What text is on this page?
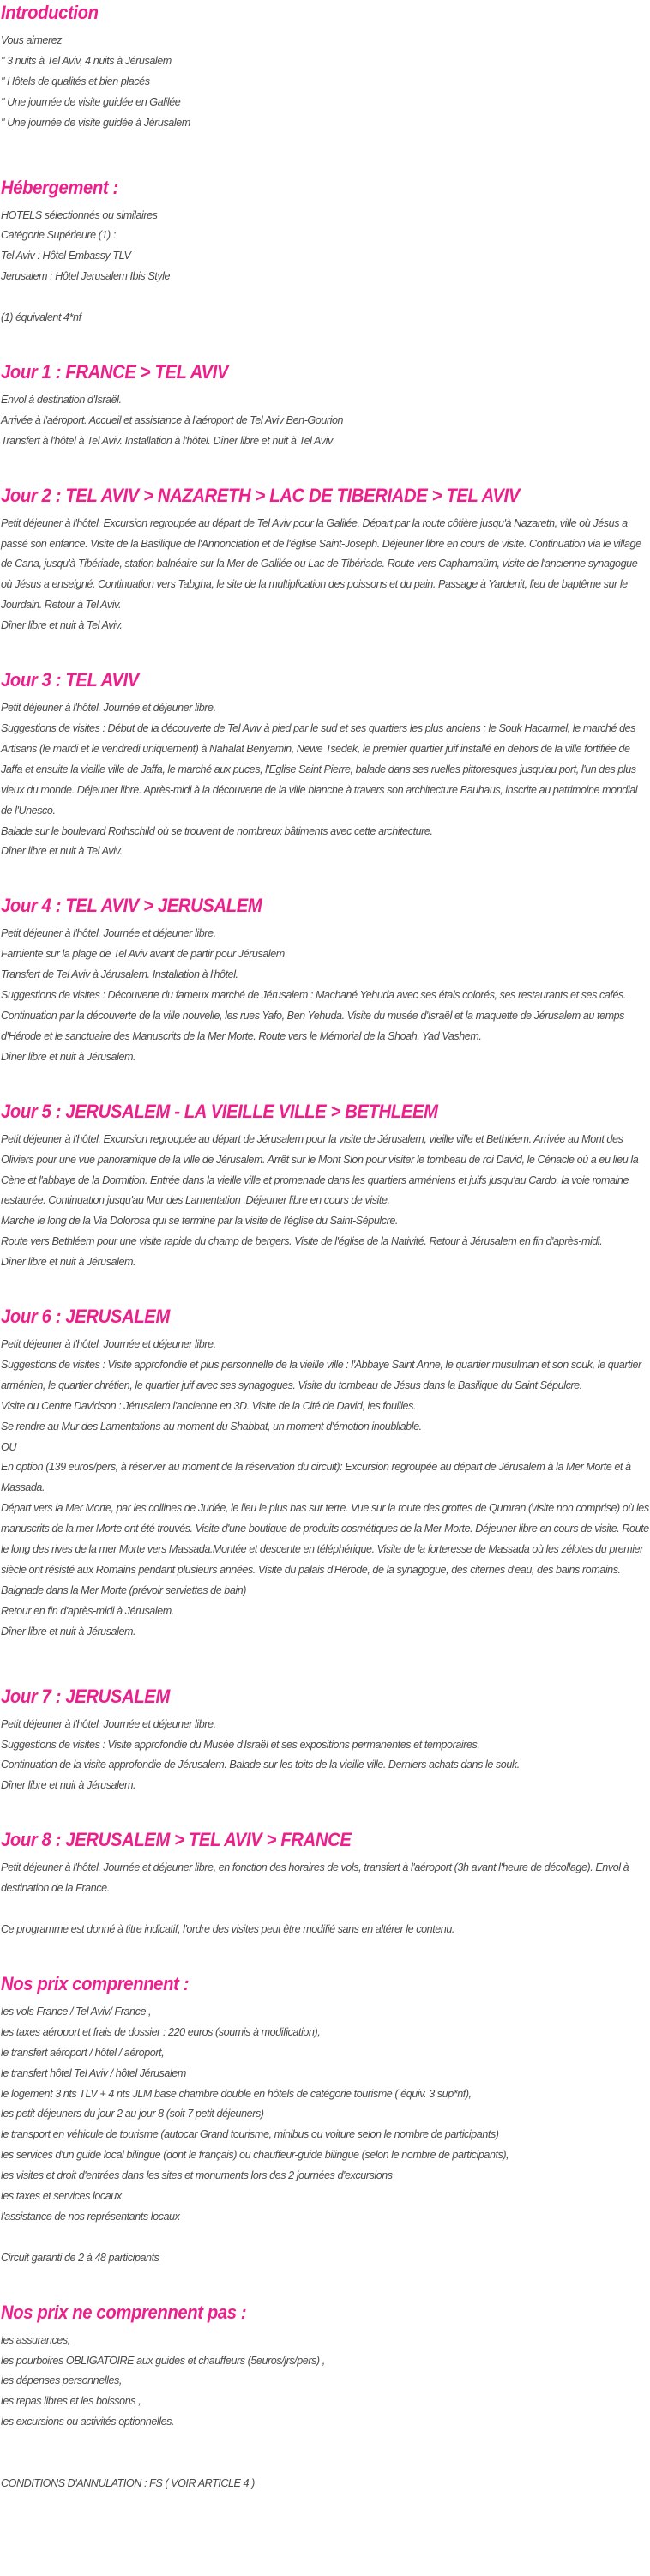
Introduction
Vous aimerez
" 3 nuits à Tel Aviv, 4 nuits à Jérusalem
" Hôtels de qualités et bien placés
" Une journée de visite guidée en Galilée
" Une journée de visite guidée à Jérusalem
Hébergement :
HOTELS sélectionnés ou similaires
Catégorie Supérieure (1) :
Tel Aviv : Hôtel Embassy TLV
Jerusalem : Hôtel Jerusalem Ibis Style
(1) équivalent 4*nf
Jour 1 : FRANCE > TEL AVIV

Envol à destination d'Israël.

Arrivée à l'aéroport. Accueil et assistance à l'aéroport de Tel Aviv Ben-Gourion

Transfert à l'hôtel à Tel Aviv. Installation à l'hôtel. Dîner libre et nuit à Tel Aviv

Jour 2 : TEL AVIV > NAZARETH > LAC DE TIBERIADE > TEL AVIV

Petit déjeuner à l'hôtel. Excursion regroupée au départ de Tel Aviv pour la Galilée. Départ par la route côtière jusqu'à Nazareth, ville où Jésus a passé son enfance. Visite de la Basilique de l'Annonciation et de l'église Saint-Joseph. Déjeuner libre en cours de visite. Continuation via le village de Cana, jusqu'à Tibériade, station balnéaire sur la Mer de Galilée ou Lac de Tibériade. Route vers Capharnaüm, visite de l'ancienne synagogue où Jésus a enseigné. Continuation vers Tabgha, le site de la multiplication des poissons et du pain. Passage à Yardenit, lieu de baptême sur le Jourdain. Retour à Tel Aviv.

Dîner libre et nuit à Tel Aviv.

Jour 3 : TEL AVIV

Petit déjeuner à l'hôtel. Journée et déjeuner libre.

Suggestions de visites : Début de la découverte de Tel Aviv à pied par le sud et ses quartiers les plus anciens : le Souk Hacarmel, le marché des Artisans (le mardi et le vendredi uniquement) à Nahalat Benyamin, Newe Tsedek, le premier quartier juif installé en dehors de la ville fortifiée de Jaffa et ensuite la vieille ville de Jaffa, le marché aux puces, l'Eglise Saint Pierre, balade dans ses ruelles pittoresques jusqu'au port, l'un des plus vieux du monde. Déjeuner libre. Après-midi à la découverte de la ville blanche à travers son architecture Bauhaus, inscrite au patrimoine mondial de l'Unesco.

Balade sur le boulevard Rothschild où se trouvent de nombreux bâtiments avec cette architecture.

Dîner libre et nuit à Tel Aviv.

Jour 4 : TEL AVIV > JERUSALEM

Petit déjeuner à l'hôtel. Journée et déjeuner libre.

Farniente sur la plage de Tel Aviv avant de partir pour Jérusalem

Transfert de Tel Aviv à Jérusalem. Installation à l'hôtel.

Suggestions de visites : Découverte du fameux marché de Jérusalem : Machané Yehuda avec ses étals colorés, ses restaurants et ses cafés. Continuation par la découverte de la ville nouvelle, les rues Yafo, Ben Yehuda. Visite du musée d'Israël et la maquette de Jérusalem au temps d'Hérode et le sanctuaire des Manuscrits de la Mer Morte. Route vers le Mémorial de la Shoah, Yad Vashem.

Dîner libre et nuit à Jérusalem.

Jour 5 : JERUSALEM - LA VIEILLE VILLE > BETHLEEM

Petit déjeuner à l'hôtel. Excursion regroupée au départ de Jérusalem pour la visite de Jérusalem, vieille ville et Bethléem. Arrivée au Mont des Oliviers pour une vue panoramique de la ville de Jérusalem. Arrêt sur le Mont Sion pour visiter le tombeau de roi David, le Cénacle où a eu lieu la Cène et l'abbaye de la Dormition. Entrée dans la vieille ville et promenade dans les quartiers arméniens et juifs jusqu'au Cardo, la voie romaine restaurée. Continuation jusqu'au Mur des Lamentation .Déjeuner libre en cours de visite.

Marche le long de la Via Dolorosa qui se termine par la visite de l'église du Saint-Sépulcre.

Route vers Bethléem pour une visite rapide du champ de bergers. Visite de l'église de la Nativité. Retour à Jérusalem en fin d'après-midi.

Dîner libre et nuit à Jérusalem.

Jour 6 : JERUSALEM

Petit déjeuner à l'hôtel. Journée et déjeuner libre.

Suggestions de visites : Visite approfondie et plus personnelle de la vieille ville : l'Abbaye Saint Anne, le quartier musulman et son souk, le quartier arménien, le quartier chrétien, le quartier juif avec ses synagogues. Visite du tombeau de Jésus dans la Basilique du Saint Sépulcre.

Visite du Centre Davidson : Jérusalem l'ancienne en 3D. Visite de la Cité de David, les fouilles.

Se rendre au Mur des Lamentations au moment du Shabbat, un moment d'émotion inoubliable.

OU

En option (139 euros/pers, à réserver au moment de la réservation du circuit): Excursion regroupée au départ de Jérusalem à la Mer Morte et à Massada.

Départ vers la Mer Morte, par les collines de Judée, le lieu le plus bas sur terre. Vue sur la route des grottes de Qumran (visite non comprise) où les manuscrits de la mer Morte ont été trouvés. Visite d'une boutique de produits cosmétiques de la Mer Morte. Déjeuner libre en cours de visite. Route le long des rives de la mer Morte vers Massada.Montée et descente en téléphérique. Visite de la forteresse de Massada où les zélotes du premier siècle ont résisté aux Romains pendant plusieurs années. Visite du palais d'Hérode, de la synagogue, des citernes d'eau, des bains romains. Baignade dans la Mer Morte (prévoir serviettes de bain)

Retour en fin d'après-midi à Jérusalem.

Dîner libre et nuit à Jérusalem.

Jour 7 : JERUSALEM

Petit déjeuner à l'hôtel. Journée et déjeuner libre.

Suggestions de visites : Visite approfondie du Musée d'Israël et ses expositions permanentes et temporaires.

Continuation de la visite approfondie de Jérusalem. Balade sur les toits de la vieille ville. Derniers achats dans le souk.

Dîner libre et nuit à Jérusalem.

Jour 8 : JERUSALEM > TEL AVIV > FRANCE

Petit déjeuner à l'hôtel. Journée et déjeuner libre, en fonction des horaires de vols, transfert à l'aéroport (3h avant l'heure de décollage). Envol à destination de la France.

Ce programme est donné à titre indicatif, l'ordre des visites peut être modifié sans en altérer le contenu.

Nos prix comprennent :
les vols France / Tel Aviv/ France ,
les taxes aéroport et frais de dossier : 220 euros (soumis à modification),
le transfert aéroport / hôtel / aéroport,
le transfert hôtel Tel Aviv / hôtel Jérusalem
le logement 3 nts TLV + 4 nts JLM base chambre double en hôtels de catégorie tourisme ( équiv. 3 sup*nf),
les petit déjeuners du jour 2 au jour 8 (soit 7 petit déjeuners)
le transport en véhicule de tourisme (autocar Grand tourisme, minibus ou voiture selon le nombre de participants)
les services d'un guide local bilingue (dont le français) ou chauffeur-guide bilingue (selon le nombre de participants),
les visites et droit d'entrées dans les sites et monuments lors des 2 journées d'excursions
les taxes et services locaux
l'assistance de nos représentants locaux
Circuit garanti de 2 à 48 participants
Nos prix ne comprennent pas :
les assurances,
les pourboires OBLIGATOIRE aux guides et chauffeurs (5euros/jrs/pers) ,
les dépenses personnelles,
les repas libres et les boissons ,
les excursions ou activités optionnelles.
CONDITIONS D'ANNULATION : FS ( VOIR ARTICLE 4 )
